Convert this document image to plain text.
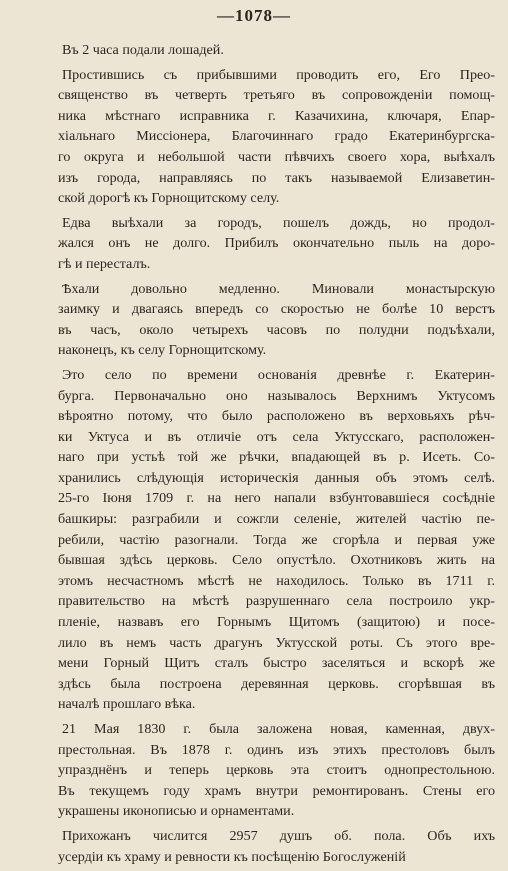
—1078—
Въ 2 часа подали лошадей.
Простившись съ прибывшими проводить его, Его Прео-
священство въ четверть третьяго въ сопровожденіи помощ-
ника мѣстнаго исправника г. Казачихина, ключаря, Епар-
хіальнаго Миссіонера, Благочиннаго градо Екатеринбургска-
го округа и небольшой части пѣвчихъ своего хора, выѣхалъ
изъ города, направляясь по такъ называемой Елизаветин-
ской дорогѣ къ Горнощитскому селу.
Едва выѣхали за городъ, пошелъ дождь, но продол-
жался онъ не долго. Прибилъ окончательно пыль на доро-
гѣ и пересталъ.
Ѣхали довольно медленно. Миновали монастырскую
заимку и двагаясь впередъ со скоростью не болѣе 10 верстъ
въ часъ, около четырехъ часовъ по полудни подъѣхали,
наконецъ, къ селу Горнощитскому.
Это село по времени основанія древнѣе г. Екатерин-
бурга. Первоначально оно называлось Верхнимъ Уктусомъ
вѣроятно потому, что было расположено въ верховьяхъ рѣч-
ки Уктуса и въ отличіе отъ села Уктусскаго, расположен-
наго при устьѣ той же рѣчки, впадающей въ р. Исеть. Со-
хранились слѣдующія историческія данныя объ этомъ селѣ.
25-го Іюня 1709 г. на него напали взбунтовавшіеся сосѣдніе
башкиры: разграбили и сожгли селеніе, жителей частію пе-
ребили, частію разогнали. Тогда же сгорѣла и первая уже
бывшая здѣсь церковь. Село опустѣло. Охотниковъ жить на
этомъ несчастномъ мѣстѣ не находилось. Только въ 1711 г.
правительство на мѣстѣ разрушеннаго села построило укр-
пленіе, назвавъ его Горнымъ Щитомъ (защитою) и посе-
лило въ немъ часть драгунъ Уктусской роты. Съ этого вре-
мени Горный Щитъ сталъ быстро заселяться и вскорѣ же
здѣсь была построена деревянная церковь. сгорѣвшая въ
началѣ прошлаго вѣка.
21 Мая 1830 г. была заложена новая, каменная, двух-
престольная. Въ 1878 г. одинъ изъ этихъ престоловъ былъ
упразднёнъ и теперь церковь эта стоитъ однопрестольною.
Въ текущемъ году храмъ внутри ремонтированъ. Стены его
украшены иконописью и орнаментами.
Прихожанъ числится 2957 душъ об. пола. Объ ихъ
усердіи къ храму и ревности къ посѣщенію Богослуженій
